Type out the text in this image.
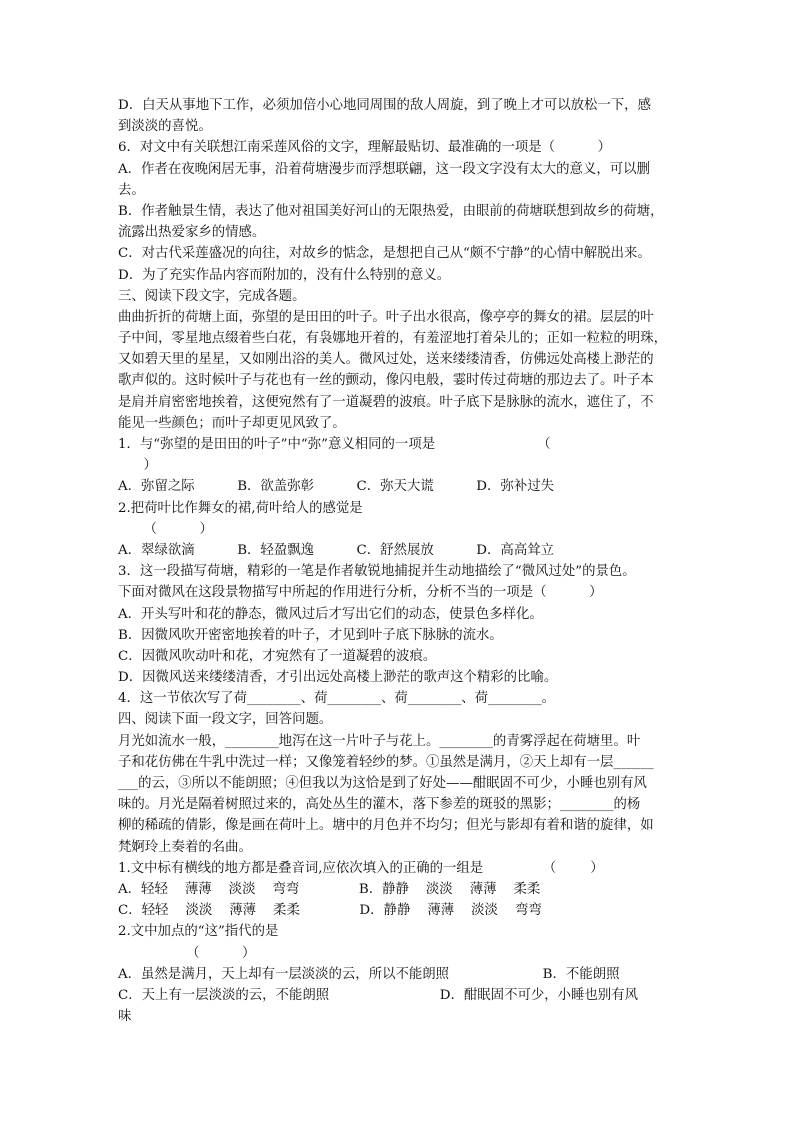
D．白天从事地下工作，必须加倍小心地同周围的敌人周旋，到了晚上才可以放松一下，感
到淡淡的喜悦。
6．对文中有关联想江南采莲风俗的文字，理解最贴切、最准确的一项是（          ）
A．作者在夜晚闲居无事，沿着荷塘漫步而浮想联翩，这一段文字没有太大的意义，可以删
去。
B．作者触景生情，表达了他对祖国美好河山的无限热爱，由眼前的荷塘联想到故乡的荷塘，
流露出热爱家乡的情感。
C．对古代采莲盛况的向往，对故乡的惦念，是想把自己从“颇不宁静”的心情中解脱出来。
D．为了充实作品内容而附加的，没有什么特别的意义。
三、阅读下段文字，完成各题。
曲曲折折的荷塘上面，弥望的是田田的叶子。叶子出水很高，像亭亭的舞女的裙。层层的叶
子中间，零星地点缀着些白花，有袅娜地开着的，有羞涩地打着朵儿的；正如一粒粒的明珠，
又如碧天里的星星，又如刚出浴的美人。微风过处，送来缕缕清香，仿佛远处高楼上渺茫的
歌声似的。这时候叶子与花也有一丝的颤动，像闪电般，霎时传过荷塘的那边去了。叶子本
是肩并肩密密地挨着，这便宛然有了一道凝碧的波痕。叶子底下是脉脉的流水，遮住了，不
能见一些颜色；而叶子却更见风致了。
1．与“弥望的是田田的叶子”中“弥”意义相同的一项是                        （
）
A．弥留之际          B．欲盖弥彰          C．弥天大谎          D．弥补过失
2.把荷叶比作舞女的裙,荷叶给人的感觉是
（          ）
A．翠绿欲滴          B．轻盈飘逸          C．舒然展放          D．高高耸立
3．这一段描写荷塘，精彩的一笔是作者敏锐地捕捉并生动地描绘了“微风过处”的景色。
下面对微风在这段景物描写中所起的作用进行分析，分析不当的一项是（          ）
A．开头写叶和花的静态，微风过后才写出它们的动态，使景色多样化。
B．因微风吹开密密地挨着的叶子，才见到叶子底下脉脉的流水。
C．因微风吹动叶和花，才宛然有了一道凝碧的波痕。
D．因微风送来缕缕清香，才引出远处高楼上渺茫的歌声这个精彩的比喻。
4．这一节依次写了荷________、荷________、荷________、荷________。
四、阅读下面一段文字，回答问题。
月光如流水一般，________地泻在这一片叶子与花上。________的青雾浮起在荷塘里。叶
子和花仿佛在牛乳中洗过一样；又像笼着轻纱的梦。①虽然是满月，②天上却有一层______
___的云，③所以不能朗照；④但我以为这恰是到了好处——酣眠固不可少，小睡也别有风
味的。月光是隔着树照过来的，高处丛生的灌木，落下参差的斑驳的黑影；________的杨
柳的稀疏的倩影，像是画在荷叶上。塘中的月色并不均匀；但光与影却有着和谐的旋律，如
梵婀玲上奏着的名曲。
1.文中标有横线的地方都是叠音词,应依次填入的正确的一组是              （        ）
A．轻轻    薄薄    淡淡    弯弯              B．静静    淡淡    薄薄    柔柔
C．轻轻    淡淡    薄薄    柔柔              D．静静    薄薄    淡淡    弯弯
2.文中加点的“这”指代的是
（          ）
A．虽然是满月，天上却有一层淡淡的云，所以不能朗照                      B．不能朗照
C．天上有一层淡淡的云，不能朗照                          D．酣眠固不可少，小睡也别有风
味
